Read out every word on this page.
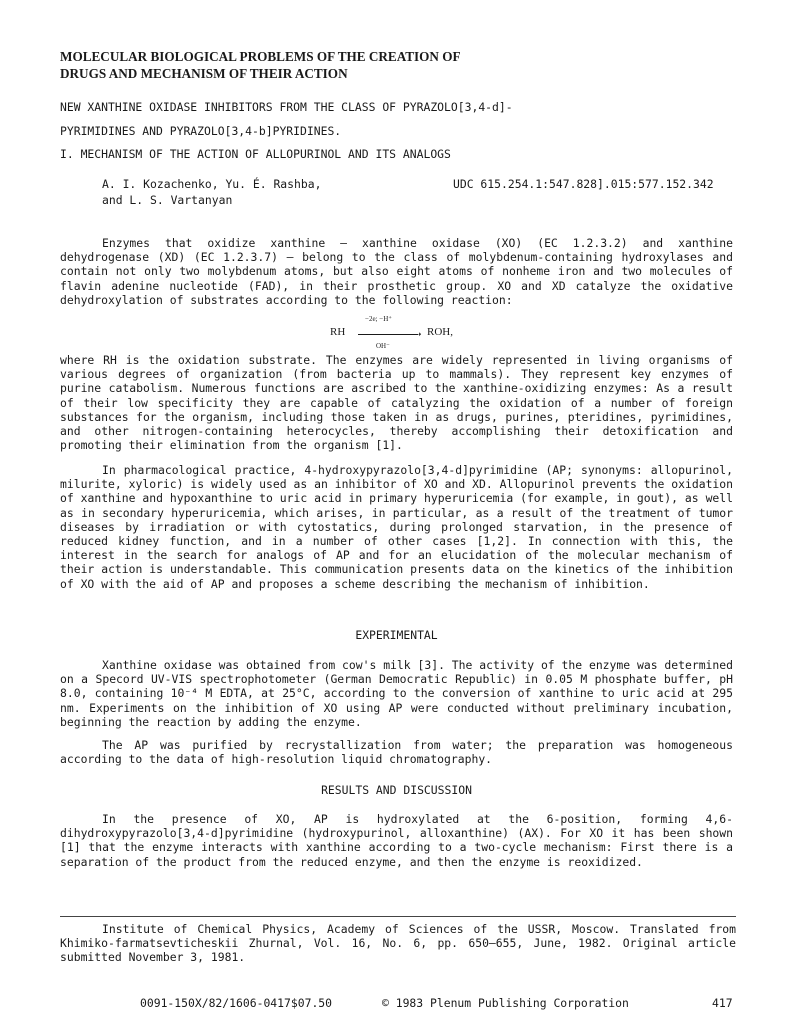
MOLECULAR BIOLOGICAL PROBLEMS OF THE CREATION OF
DRUGS AND MECHANISM OF THEIR ACTION
NEW XANTHINE OXIDASE INHIBITORS FROM THE CLASS OF PYRAZOLO[3,4-d]-
PYRIMIDINES AND PYRAZOLO[3,4-b]PYRIDINES.
I. MECHANISM OF THE ACTION OF ALLOPURINOL AND ITS ANALOGS
A. I. Kozachenko, Yu. É. Rashba,
and L. S. Vartanyan
UDC 615.254.1:547.828].015:577.152.342

Enzymes that oxidize xanthine — xanthine oxidase (XO) (EC 1.2.3.2) and xanthine dehydrogenase (XD) (EC 1.2.3.7) — belong to the class of molybdenum-containing hydroxylases and contain not only two molybdenum atoms, but also eight atoms of nonheme iron and two molecules of flavin adenine nucleotide (FAD), in their prosthetic group. XO and XD catalyze the oxidative dehydroxylation of substrates according to the following reaction:

RH
−2e; −H⁺
➝
OH⁻
ROH,

where RH is the oxidation substrate. The enzymes are widely represented in living organisms of various degrees of organization (from bacteria up to mammals). They represent key enzymes of purine catabolism. Numerous functions are ascribed to the xanthine-oxidizing enzymes: As a result of their low specificity they are capable of catalyzing the oxidation of a number of foreign substances for the organism, including those taken in as drugs, purines, pteridines, pyrimidines, and other nitrogen-containing heterocycles, thereby accomplishing their detoxification and promoting their elimination from the organism [1].

In pharmacological practice, 4-hydroxypyrazolo[3,4-d]pyrimidine (AP; synonyms: allopurinol, milurite, xyloric) is widely used as an inhibitor of XO and XD. Allopurinol prevents the oxidation of xanthine and hypoxanthine to uric acid in primary hyperuricemia (for example, in gout), as well as in secondary hyperuricemia, which arises, in particular, as a result of the treatment of tumor diseases by irradiation or with cytostatics, during prolonged starvation, in the presence of reduced kidney function, and in a number of other cases [1,2]. In connection with this, the interest in the search for analogs of AP and for an elucidation of the molecular mechanism of their action is understandable. This communication presents data on the kinetics of the inhibition of XO with the aid of AP and proposes a scheme describing the mechanism of inhibition.

EXPERIMENTAL

Xanthine oxidase was obtained from cow's milk [3]. The activity of the enzyme was determined on a Specord UV-VIS spectrophotometer (German Democratic Republic) in 0.05 M phosphate buffer, pH 8.0, containing 10⁻⁴ M EDTA, at 25°C, according to the conversion of xanthine to uric acid at 295 nm. Experiments on the inhibition of XO using AP were conducted without preliminary incubation, beginning the reaction by adding the enzyme.

The AP was purified by recrystallization from water; the preparation was homogeneous according to the data of high-resolution liquid chromatography.

RESULTS AND DISCUSSION

In the presence of XO, AP is hydroxylated at the 6-position, forming 4,6-dihydroxypyrazolo[3,4-d]pyrimidine (hydroxypurinol, alloxanthine) (AX). For XO it has been shown [1] that the enzyme interacts with xanthine according to a two-cycle mechanism: First there is a separation of the product from the reduced enzyme, and then the enzyme is reoxidized.

Institute of Chemical Physics, Academy of Sciences of the USSR, Moscow. Translated from Khimiko-farmatsevticheskii Zhurnal, Vol. 16, No. 6, pp. 650–655, June, 1982. Original article submitted November 3, 1981.

0091-150X/82/1606-0417$07.50	© 1983 Plenum Publishing Corporation	417
